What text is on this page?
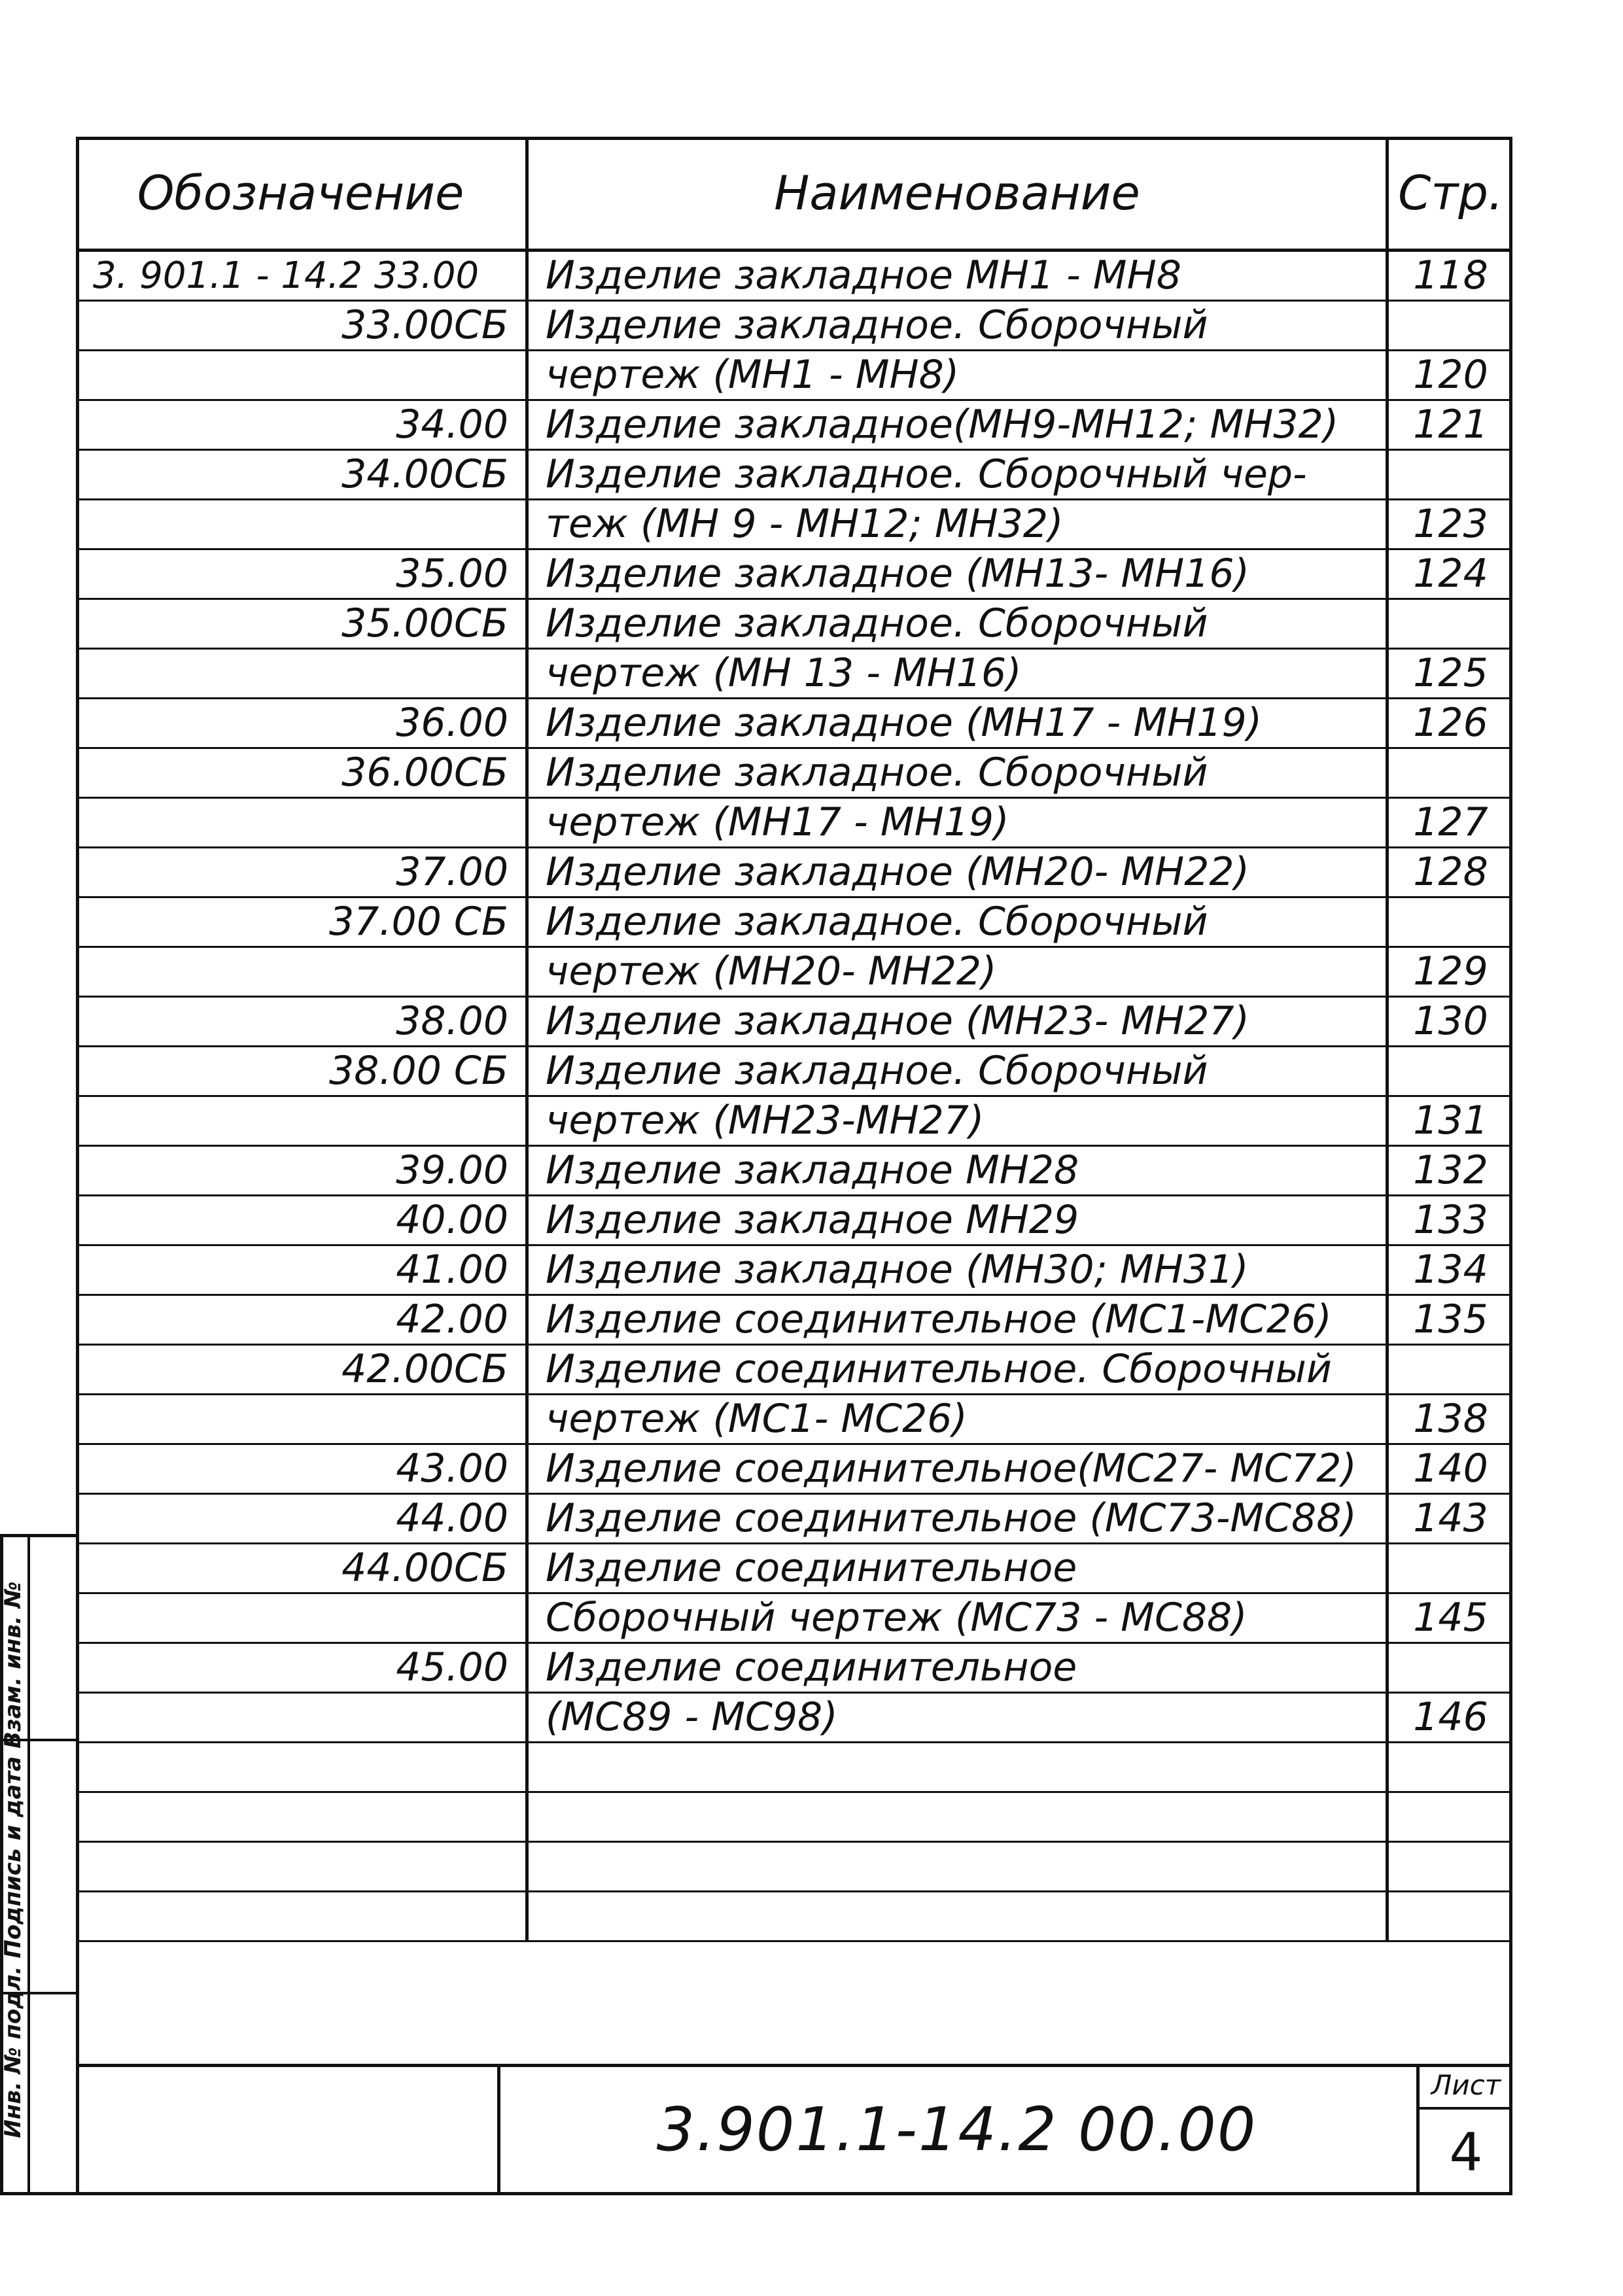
Обозначение	Наименование	Стр.
3. 901.1 - 14.2 33.00	Изделие закладное МН1 - МН8	118
33.00СБ Изделие закладное. Сборочный
чертеж (МН1 - МН8)	120
34.00 Изделие закладное(МН9-МН12; МН32)	121
34.00СБ Изделие закладное. Сборочный чер-
теж (МН 9 - МН12; МН32)	123
35.00 Изделие закладное (МН13- МН16)	124
35.00СБ Изделие закладное. Сборочный
чертеж (МН 13 - МН16)	125
36.00 Изделие закладное (МН17 - МН19)	126
36.00СБ Изделие закладное. Сборочный
чертеж (МН17 - МН19)	127
37.00 Изделие закладное (МН20- МН22)	128
37.00 СБ Изделие закладное. Сборочный
чертеж (МН20- МН22)	129
38.00 Изделие закладное (МН23- МН27)	130
38.00 СБ Изделие закладное. Сборочный
чертеж (МН23-МН27)	131
39.00 Изделие закладное МН28	132
40.00 Изделие закладное МН29	133
41.00 Изделие закладное (МН30; МН31)	134
42.00 Изделие соединительное (МС1-МС26)	135
42.00СБ Изделие соединительное. Сборочный
чертеж (МС1- МС26)	138
43.00 Изделие соединительное(МС27- МС72)	140
44.00 Изделие соединительное (МС73-МС88)	143
44.00СБ Изделие соединительное
Сборочный чертеж (МС73 - МС88)	145
45.00 Изделие соединительное
(МС89 - МС98)	146
3.901.1-14.2 00.00
Лист
4
Инв. № подл. Подпись и дата Взам. инв. №
